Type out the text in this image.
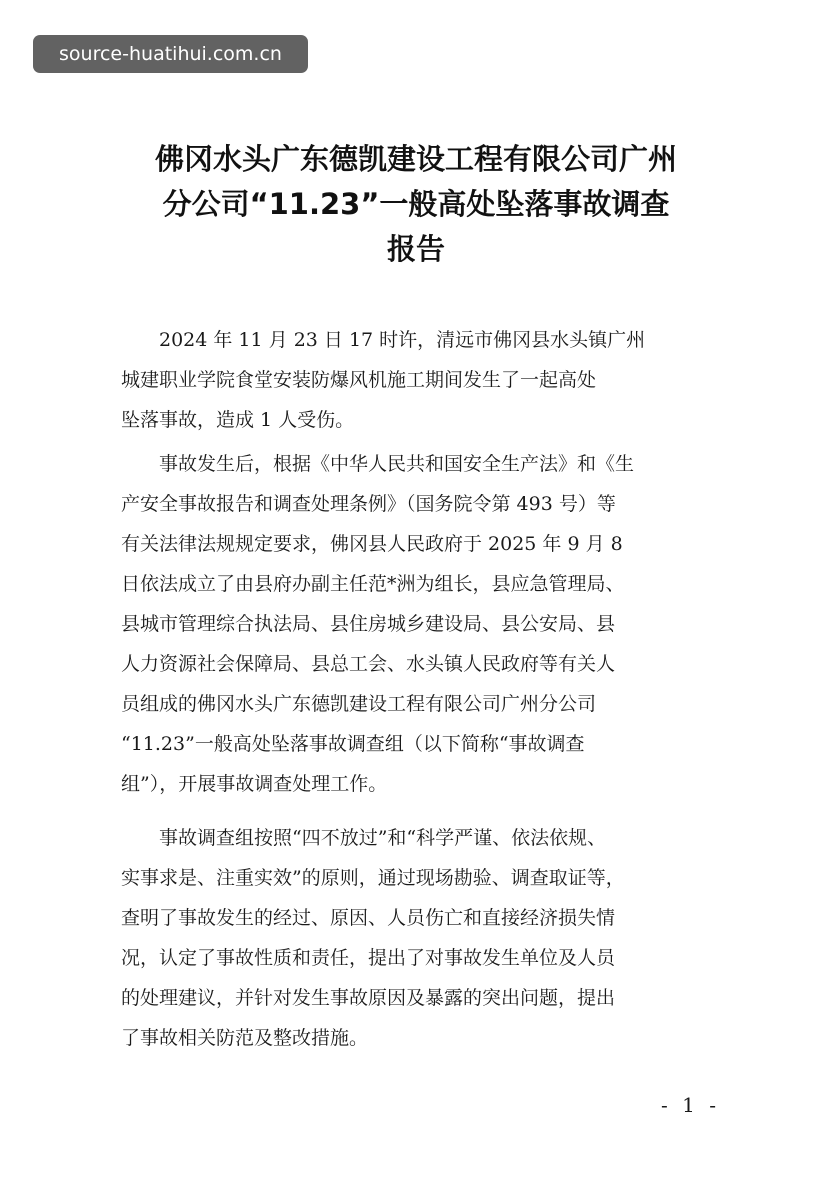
source-huatihui.com.cn
佛冈水头广东德凯建设工程有限公司广州
分公司“11.23”一般高处坠落事故调查
报告

　　2024 年 11 月 23 日 17 时许，清远市佛冈县水头镇广州
城建职业学院食堂安装防爆风机施工期间发生了一起高处
坠落事故，造成 1 人受伤。

　　事故发生后，根据《中华人民共和国安全生产法》和《生
产安全事故报告和调查处理条例》（国务院令第 493 号）等
有关法律法规规定要求，佛冈县人民政府于 2025 年 9 月 8
日依法成立了由县府办副主任范*洲为组长，县应急管理局、
县城市管理综合执法局、县住房城乡建设局、县公安局、县
人力资源社会保障局、县总工会、水头镇人民政府等有关人
员组成的佛冈水头广东德凯建设工程有限公司广州分公司
“11.23”一般高处坠落事故调查组（以下简称“事故调查
组”），开展事故调查处理工作。

　　事故调查组按照“四不放过”和“科学严谨、依法依规、
实事求是、注重实效”的原则，通过现场勘验、调查取证等，
查明了事故发生的经过、原因、人员伤亡和直接经济损失情
况，认定了事故性质和责任，提出了对事故发生单位及人员
的处理建议，并针对发生事故原因及暴露的突出问题，提出
了事故相关防范及整改措施。

- 1 -
